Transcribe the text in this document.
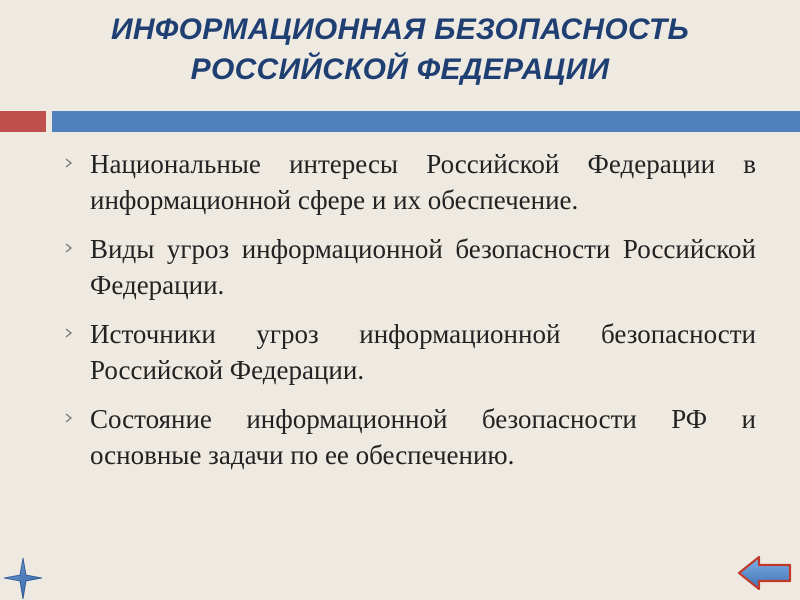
ИНФОРМАЦИОННАЯ БЕЗОПАСНОСТЬ
РОССИЙСКОЙ ФЕДЕРАЦИИ
Национальные интересы Российской Федерации в информационной сфере и их обеспечение.
Виды угроз информационной безопасности Российской Федерации.
Источники угроз информационной безопасности Российской Федерации.
Состояние информационной безопасности РФ и основные задачи по ее обеспечению.
